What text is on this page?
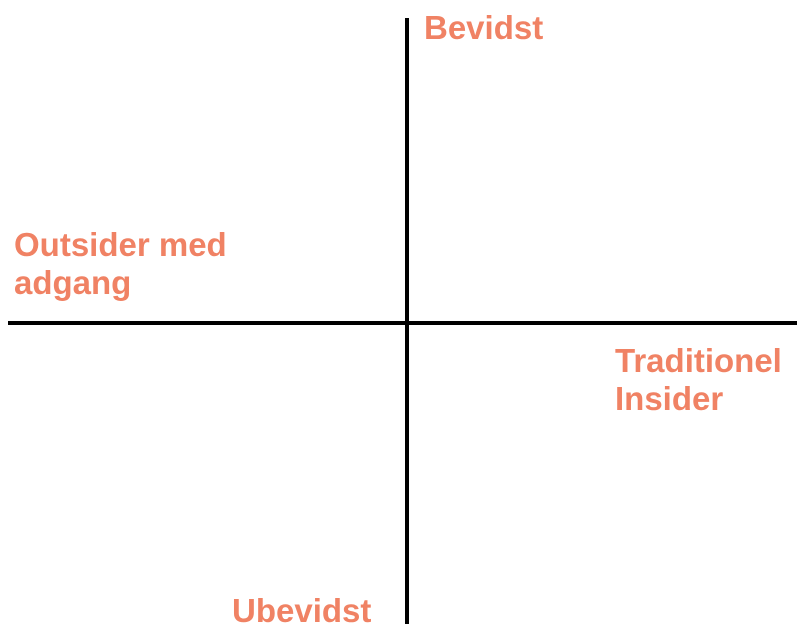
Bevidst
Ubevidst
Outsider med
adgang
Traditionel
Insider
